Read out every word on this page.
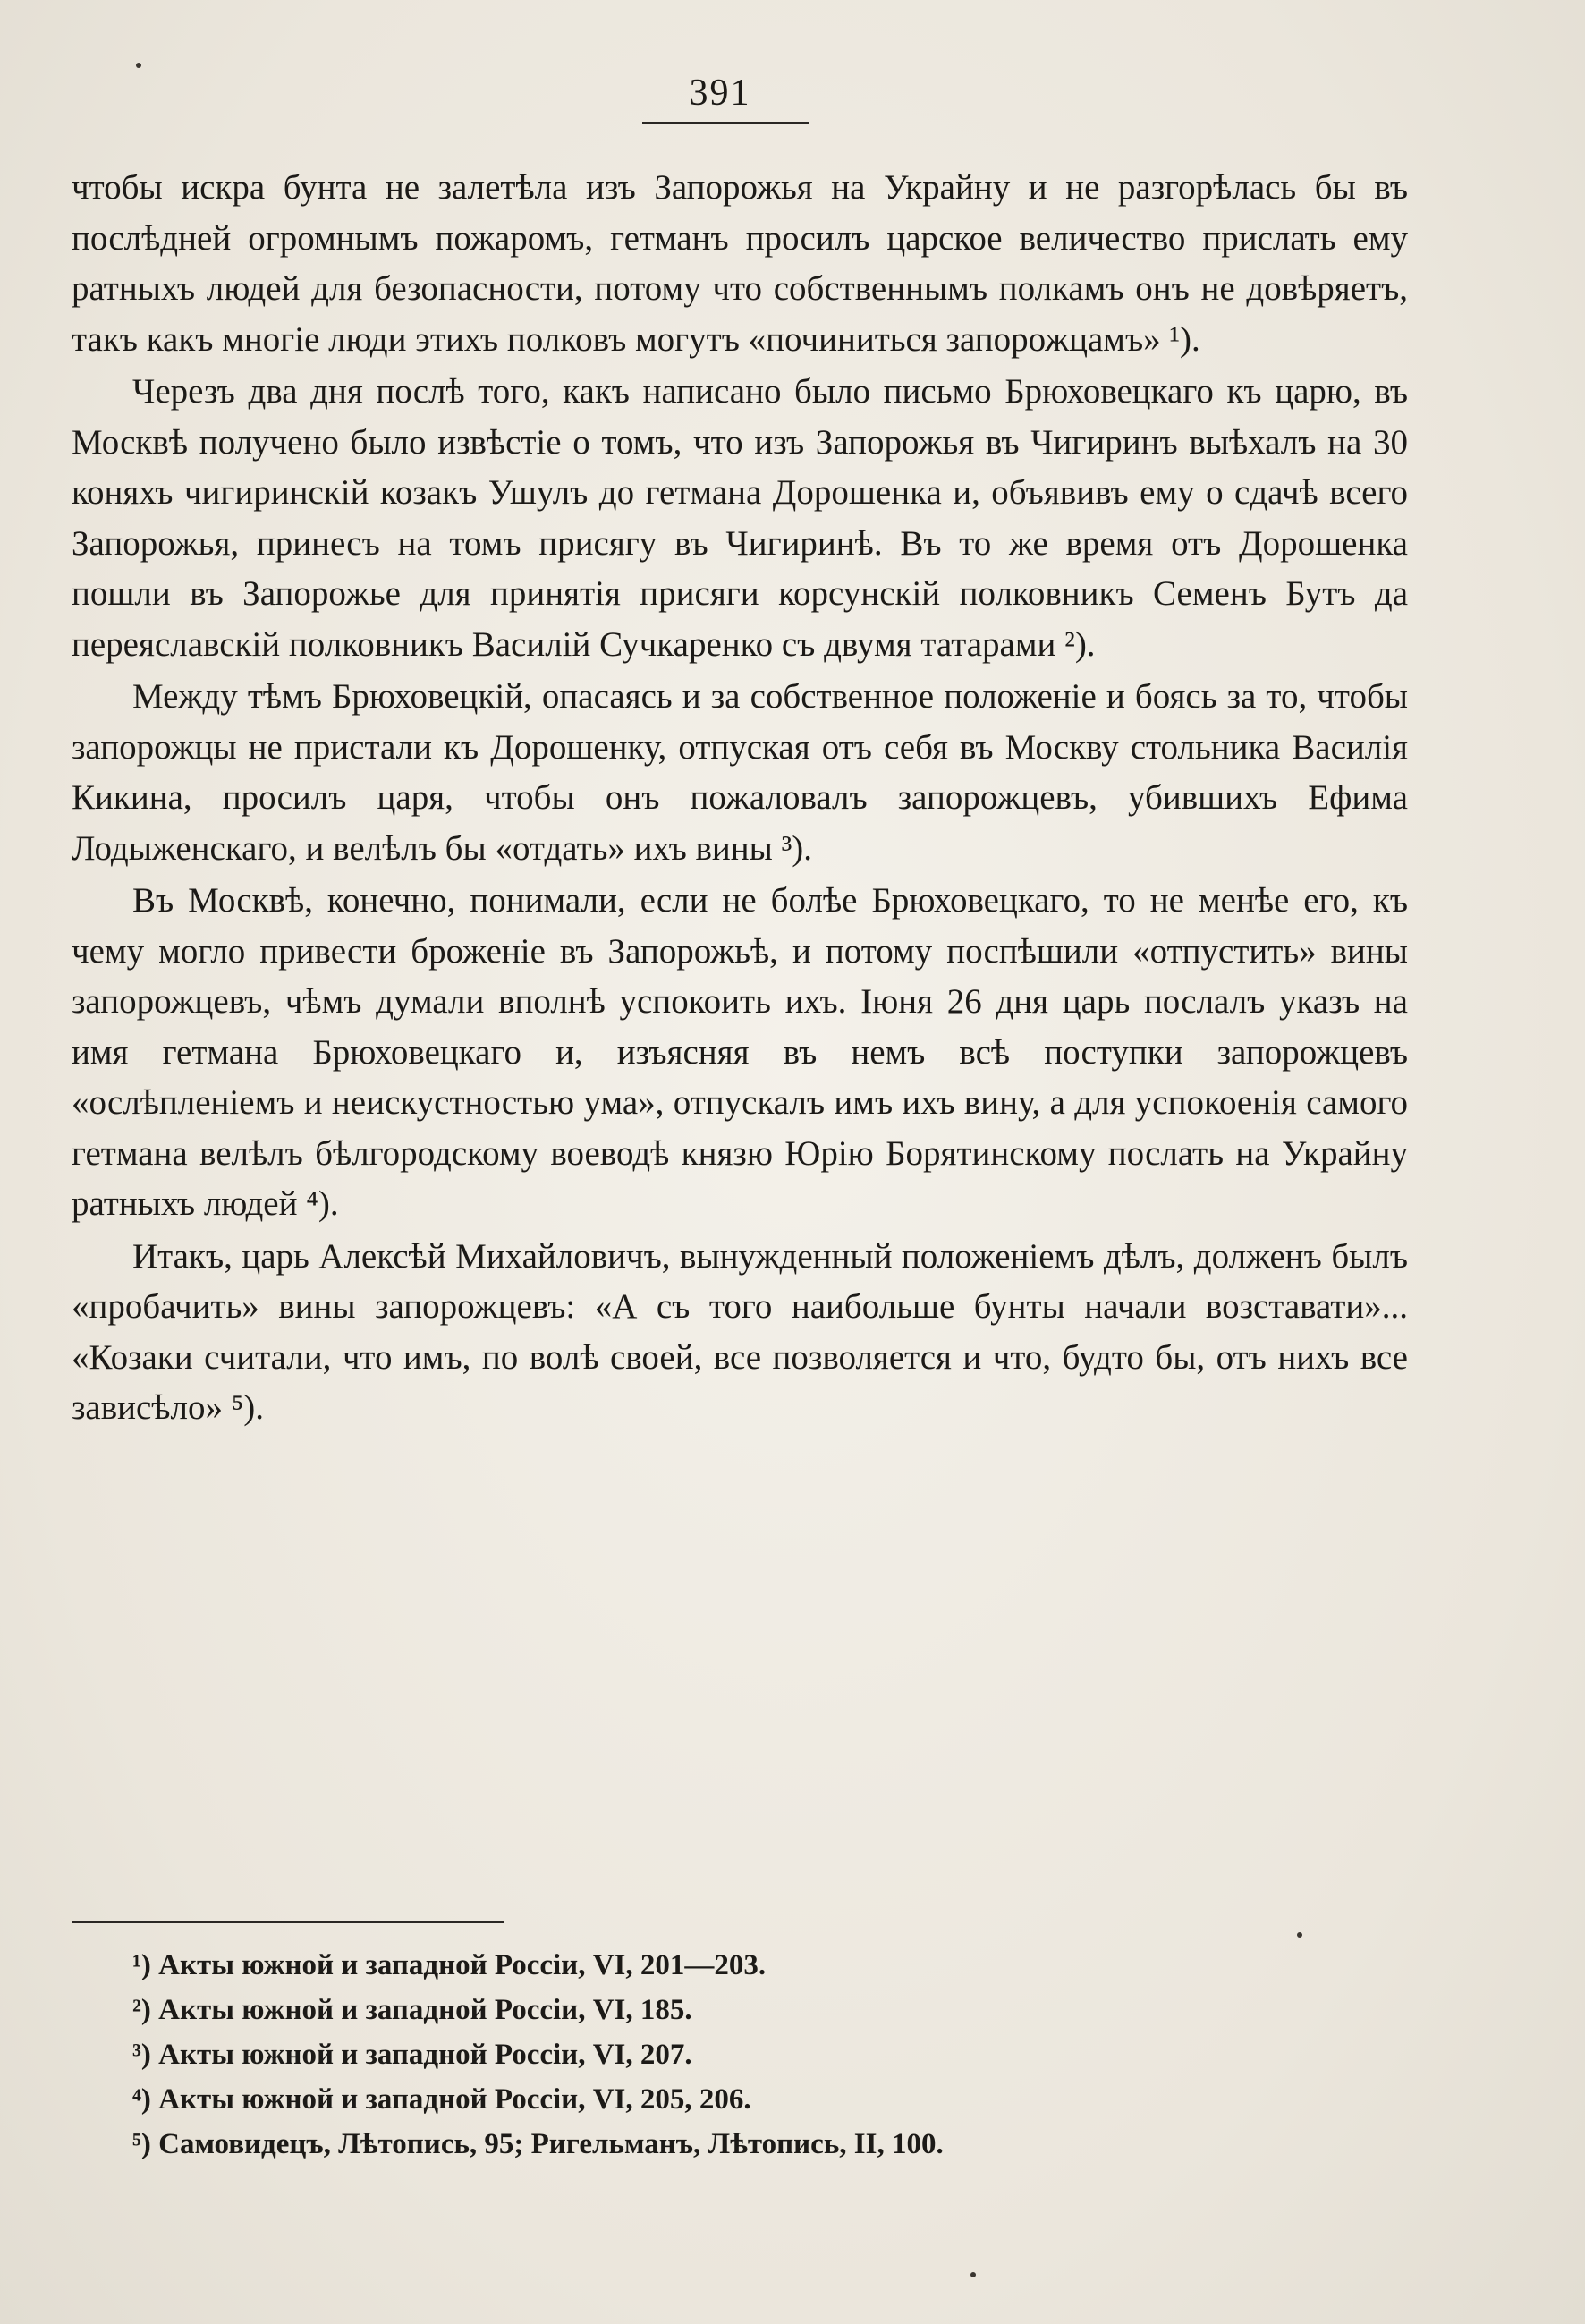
391

чтобы искра бунта не залетѣла изъ Запорожья на Украйну и не разгорѣлась бы въ послѣдней огромнымъ пожаромъ, гетманъ просилъ царское величество прислать ему ратныхъ людей для безопасности, потому что собственнымъ полкамъ онъ не довѣряетъ, такъ какъ многіе люди этихъ полковъ могутъ «починиться запорожцамъ» ¹).

Черезъ два дня послѣ того, какъ написано было письмо Брюховецкаго къ царю, въ Москвѣ получено было извѣстіе о томъ, что изъ Запорожья въ Чигиринъ выѣхалъ на 30 коняхъ чигиринскій козакъ Ушулъ до гетмана Дорошенка и, объявивъ ему о сдачѣ всего Запорожья, принесъ на томъ присягу въ Чигиринѣ. Въ то же время отъ Дорошенка пошли въ Запорожье для принятія присяги корсунскій полковникъ Семенъ Бутъ да переяславскій полковникъ Василій Сучкаренко съ двумя татарами ²).

Между тѣмъ Брюховецкій, опасаясь и за собственное положеніе и боясь за то, чтобы запорожцы не пристали къ Дорошенку, отпуская отъ себя въ Москву стольника Василія Кикина, просилъ царя, чтобы онъ пожаловалъ запорожцевъ, убившихъ Ефима Лодыженскаго, и велѣлъ бы «отдать» ихъ вины ³).

Въ Москвѣ, конечно, понимали, если не болѣе Брюховецкаго, то не менѣе его, къ чему могло привести броженіе въ Запорожьѣ, и потому поспѣшили «отпустить» вины запорожцевъ, чѣмъ думали вполнѣ успокоить ихъ. Іюня 26 дня царь послалъ указъ на имя гетмана Брюховецкаго и, изъясняя въ немъ всѣ поступки запорожцевъ «ослѣпленіемъ и неискустностью ума», отпускалъ имъ ихъ вину, а для успокоенія самого гетмана велѣлъ бѣлгородскому воеводѣ князю Юрію Борятинскому послать на Украйну ратныхъ людей ⁴).

Итакъ, царь Алексѣй Михайловичъ, вынужденный положеніемъ дѣлъ, долженъ былъ «пробачить» вины запорожцевъ: «А съ того наибольше бунты начали возставати»... «Козаки считали, что имъ, по волѣ своей, все позволяется и что, будто бы, отъ нихъ все зависѣло» ⁵).

¹) Акты южной и западной Россіи, VI, 201—203.
²) Акты южной и западной Россіи, VI, 185.
³) Акты южной и западной Россіи, VI, 207.
⁴) Акты южной и западной Россіи, VI, 205, 206.
⁵) Самовидецъ, Лѣтопись, 95; Ригельманъ, Лѣтопись, II, 100.
